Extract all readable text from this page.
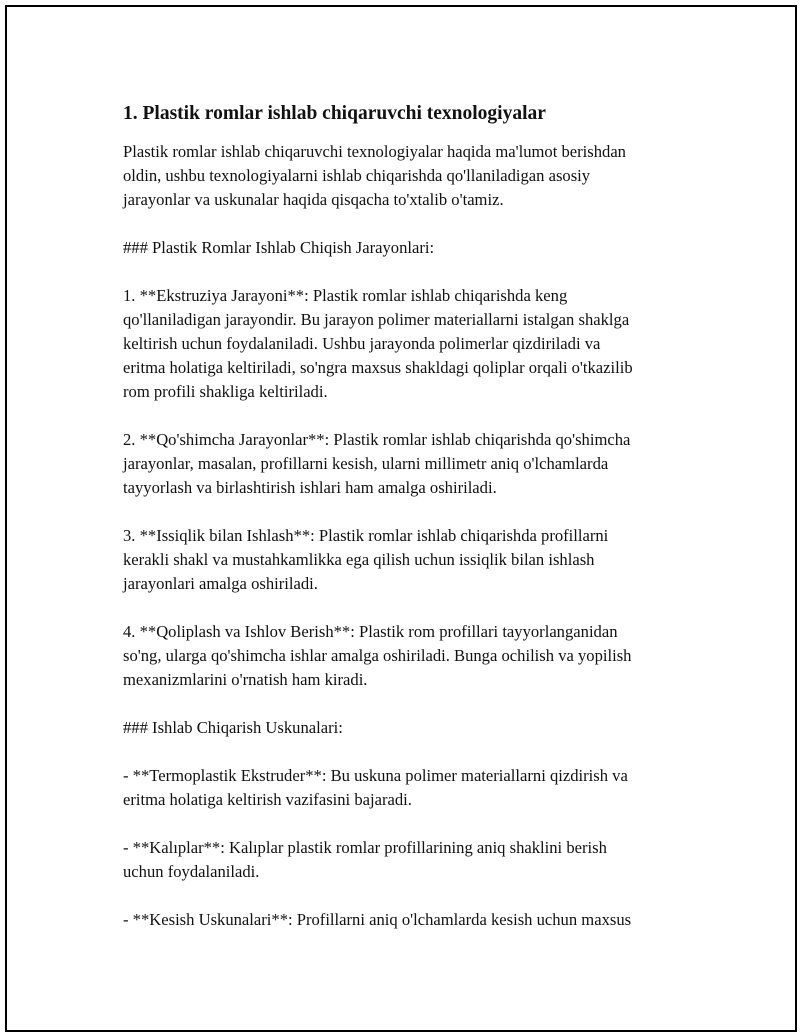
1. Plastik romlar ishlab chiqaruvchi texnologiyalar

Plastik romlar ishlab chiqaruvchi texnologiyalar haqida ma'lumot berishdan
oldin, ushbu texnologiyalarni ishlab chiqarishda qo'llaniladigan asosiy
jarayonlar va uskunalar haqida qisqacha to'xtalib o'tamiz.

### Plastik Romlar Ishlab Chiqish Jarayonlari:

1. **Ekstruziya Jarayoni**: Plastik romlar ishlab chiqarishda keng
qo'llaniladigan jarayondir. Bu jarayon polimer materiallarni istalgan shaklga
keltirish uchun foydalaniladi. Ushbu jarayonda polimerlar qizdiriladi va
eritma holatiga keltiriladi, so'ngra maxsus shakldagi qoliplar orqali o'tkazilib
rom profili shakliga keltiriladi.

2. **Qo'shimcha Jarayonlar**: Plastik romlar ishlab chiqarishda qo'shimcha
jarayonlar, masalan, profillarni kesish, ularni millimetr aniq o'lchamlarda
tayyorlash va birlashtirish ishlari ham amalga oshiriladi.

3. **Issiqlik bilan Ishlash**: Plastik romlar ishlab chiqarishda profillarni
kerakli shakl va mustahkamlikka ega qilish uchun issiqlik bilan ishlash
jarayonlari amalga oshiriladi.

4. **Qoliplash va Ishlov Berish**: Plastik rom profillari tayyorlanganidan
so'ng, ularga qo'shimcha ishlar amalga oshiriladi. Bunga ochilish va yopilish
mexanizmlarini o'rnatish ham kiradi.

### Ishlab Chiqarish Uskunalari:

- **Termoplastik Ekstruder**: Bu uskuna polimer materiallarni qizdirish va
eritma holatiga keltirish vazifasini bajaradi.

- **Kalıplar**: Kalıplar plastik romlar profillarining aniq shaklini berish
uchun foydalaniladi.

- **Kesish Uskunalari**: Profillarni aniq o'lchamlarda kesish uchun maxsus
